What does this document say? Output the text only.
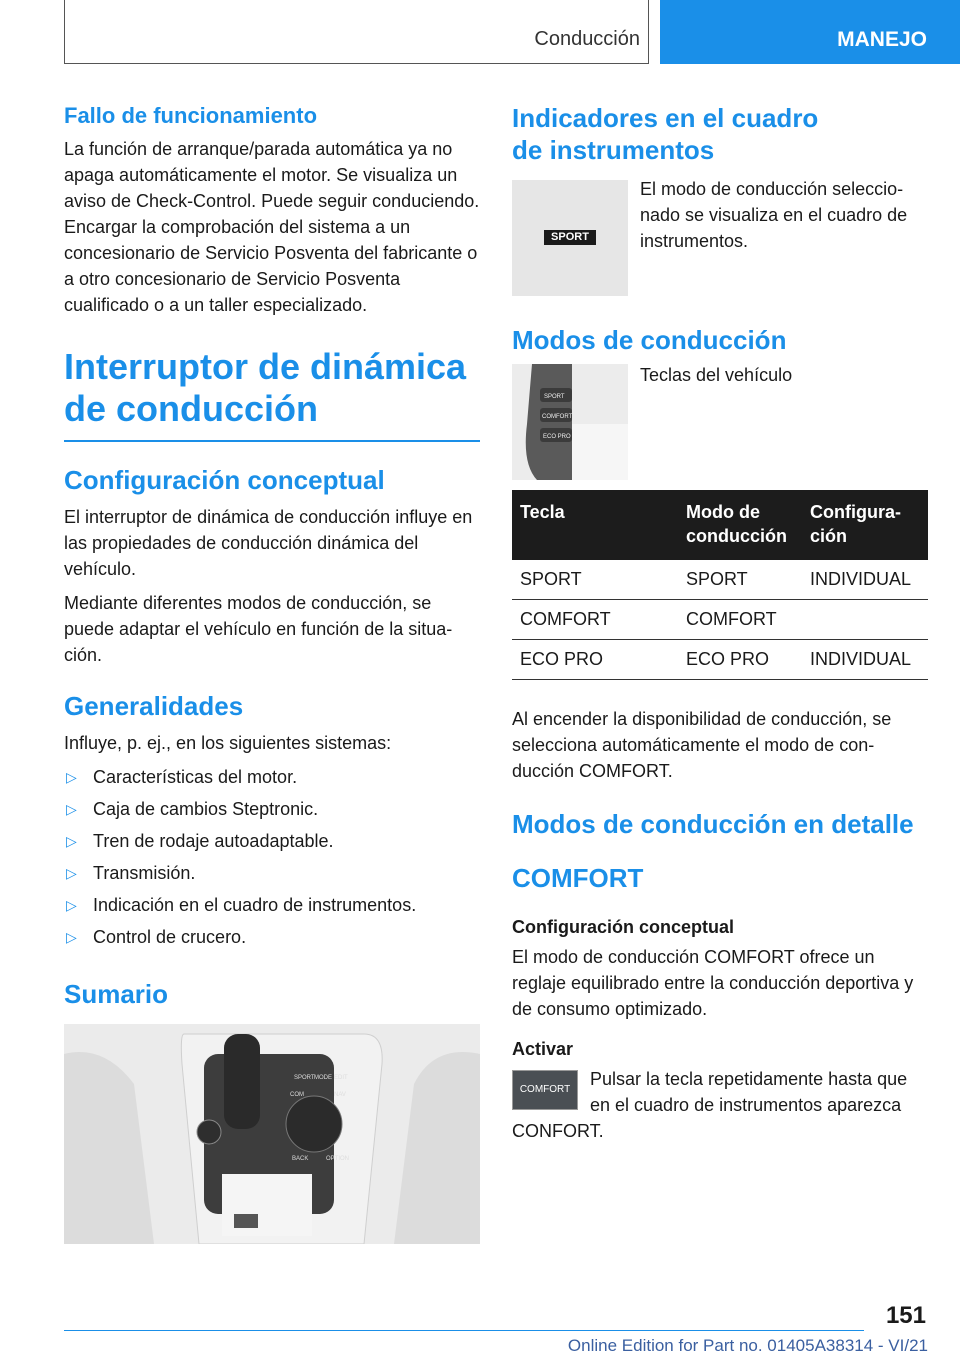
Conducción	MANEJO
Fallo de funcionamiento

La función de arranque/parada automática ya no apaga automáticamente el motor. Se visualiza un aviso de Check-Control. Puede seguir conduciendo. Encargar la comprobación del sistema a un concesionario de Servicio Posventa del fabricante o a otro concesionario de Servicio Posventa cualificado o a un taller especializado.

Interruptor de dinámica de conducción
Configuración conceptual

El interruptor de dinámica de conducción influye en las propiedades de conducción dinámica del vehículo.

Mediante diferentes modos de conducción, se puede adaptar el vehículo en función de la situación.

Generalidades

Influye, p. ej., en los siguientes sistemas:

▷ Características del motor.
▷ Caja de cambios Steptronic.
▷ Tren de rodaje autoadaptable.
▷ Transmisión.
▷ Indicación en el cuadro de instrumentos.
▷ Control de crucero.
Sumario
SPORT MODE EDIT
COM	NAV
BACK	OPTION
Indicadores en el cuadro de instrumentos
SPORT

El modo de conducción seleccionado se visualiza en el cuadro de instrumentos.

Modos de conducción
SPORT
COMFORT
ECO PRO

Teclas del vehículo

Tecla	Modo de conducción	Configuración
SPORT	SPORT	INDIVIDUAL
COMFORT	COMFORT	
ECO PRO	ECO PRO	INDIVIDUAL

Al encender la disponibilidad de conducción, se selecciona automáticamente el modo de conducción COMFORT.

Modos de conducción en detalle
COMFORT
Configuración conceptual

El modo de conducción COMFORT ofrece un reglaje equilibrado entre la conducción deportiva y de consumo optimizado.

Activar
COMFORT

Pulsar la tecla repetidamente hasta que en el cuadro de instrumentos aparezca CONFORT.

151
Online Edition for Part no. 01405A38314 - VI/21
